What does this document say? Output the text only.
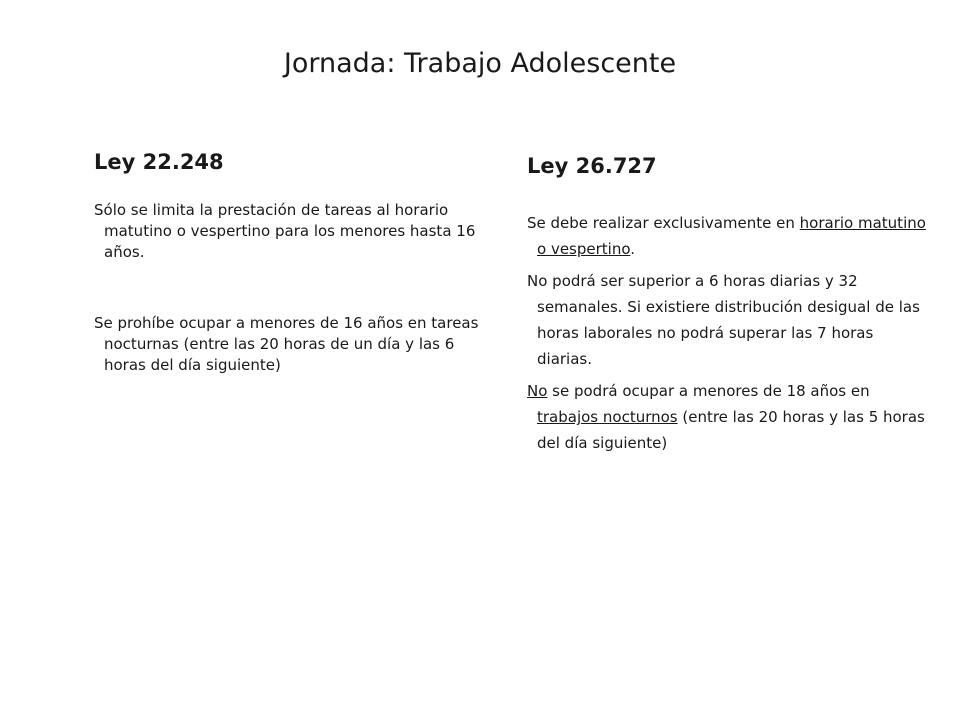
Jornada: Trabajo Adolescente
Ley 22.248

Sólo se limita la prestación de tareas al horario matutino o vespertino para los menores hasta 16 años.

Se prohíbe ocupar a menores de 16 años en tareas nocturnas (entre las 20 horas de un día y las 6 horas del día siguiente)

Ley 26.727

Se debe realizar exclusivamente en horario matutino o vespertino.

No podrá ser superior a 6 horas diarias y 32 semanales. Si existiere distribución desigual de las horas laborales no podrá superar las 7 horas diarias.

No se podrá ocupar a menores de 18 años en trabajos nocturnos (entre las 20 horas y las 5 horas del día siguiente)
